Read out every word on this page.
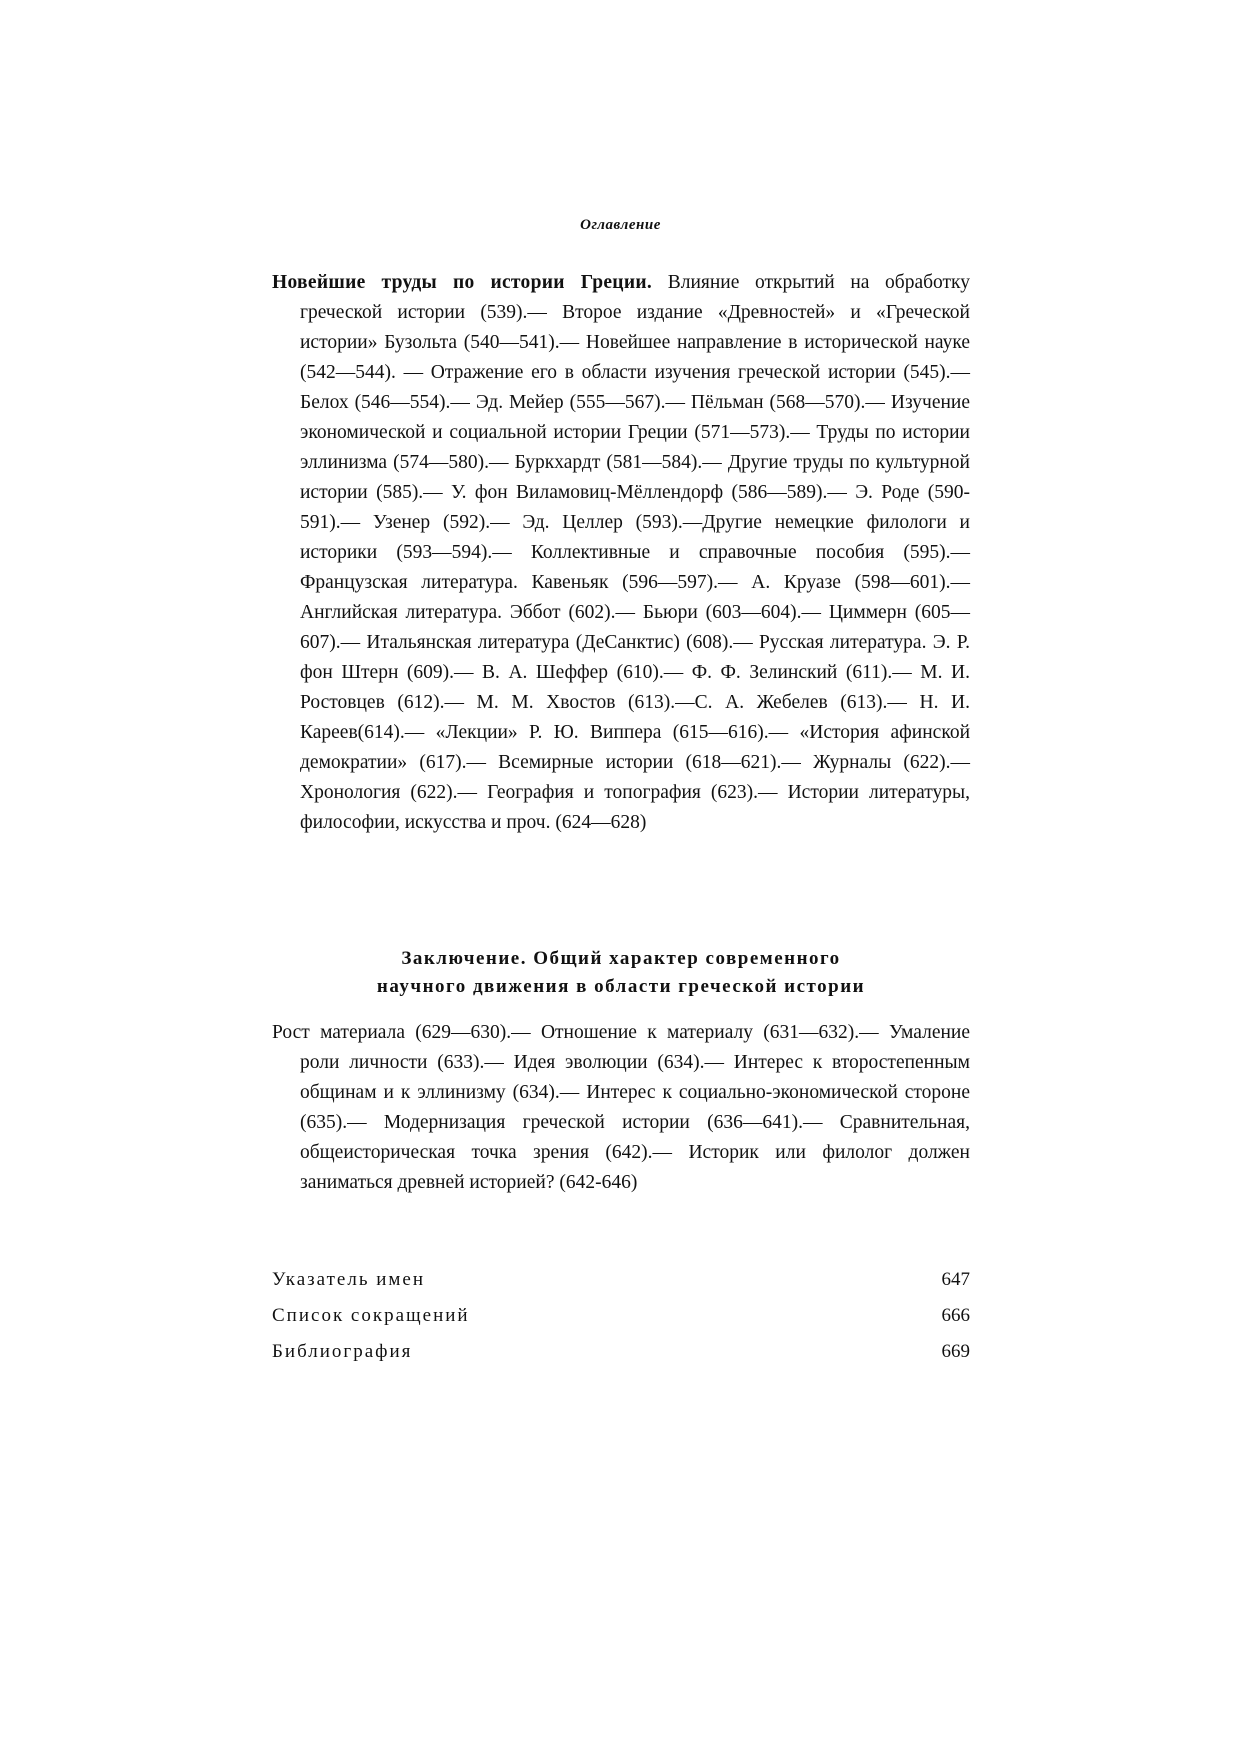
Оглавление

Новейшие труды по истории Греции. Влияние открытий на обработку греческой истории (539).— Второе издание «Древностей» и «Греческой истории» Бузольта (540—541).— Новейшее направление в исторической науке (542—544). — Отражение его в области изучения греческой истории (545).— Белох (546—554).— Эд. Мейер (555—567).— Пёльман (568—570).— Изучение экономической и социальной истории Греции (571—573).— Труды по истории эллинизма (574—580).— Буркхардт (581—584).— Другие труды по культурной истории (585).— У. фон Виламовиц-Мёллендорф (586—589).— Э. Роде (590-591).— Узенер (592).— Эд. Целлер (593).—Другие немецкие филологи и историки (593—594).— Коллективные и справочные пособия (595).— Французская литература. Кавеньяк (596—597).— А. Круазе (598—601).— Английская литература. Эббот (602).— Бьюри (603—604).— Циммерн (605—607).— Итальянская литература (ДеСанктис) (608).— Русская литература. Э. Р. фон Штерн (609).— В. А. Шеффер (610).— Ф. Ф. Зелинский (611).— М. И. Ростовцев (612).— М. М. Хвостов (613).—С. А. Жебелев (613).— Н. И. Кареев(614).— «Лекции» Р. Ю. Виппера (615—616).— «История афинской демократии» (617).— Всемирные истории (618—621).— Журналы (622).— Хронология (622).— География и топография (623).— Истории литературы, философии, искусства и проч. (624—628)

Заключение. Общий характер современного
научного движения в области греческой истории

Рост материала (629—630).— Отношение к материалу (631—632).— Умаление роли личности (633).— Идея эволюции (634).— Интерес к второстепенным общинам и к эллинизму (634).— Интерес к социально-экономической стороне (635).— Модернизация греческой истории (636—641).— Сравнительная, общеисторическая точка зрения (642).— Историк или филолог должен заниматься древней историей? (642-646)

Указатель имен	647
Список сокращений	666
Библиография	669
